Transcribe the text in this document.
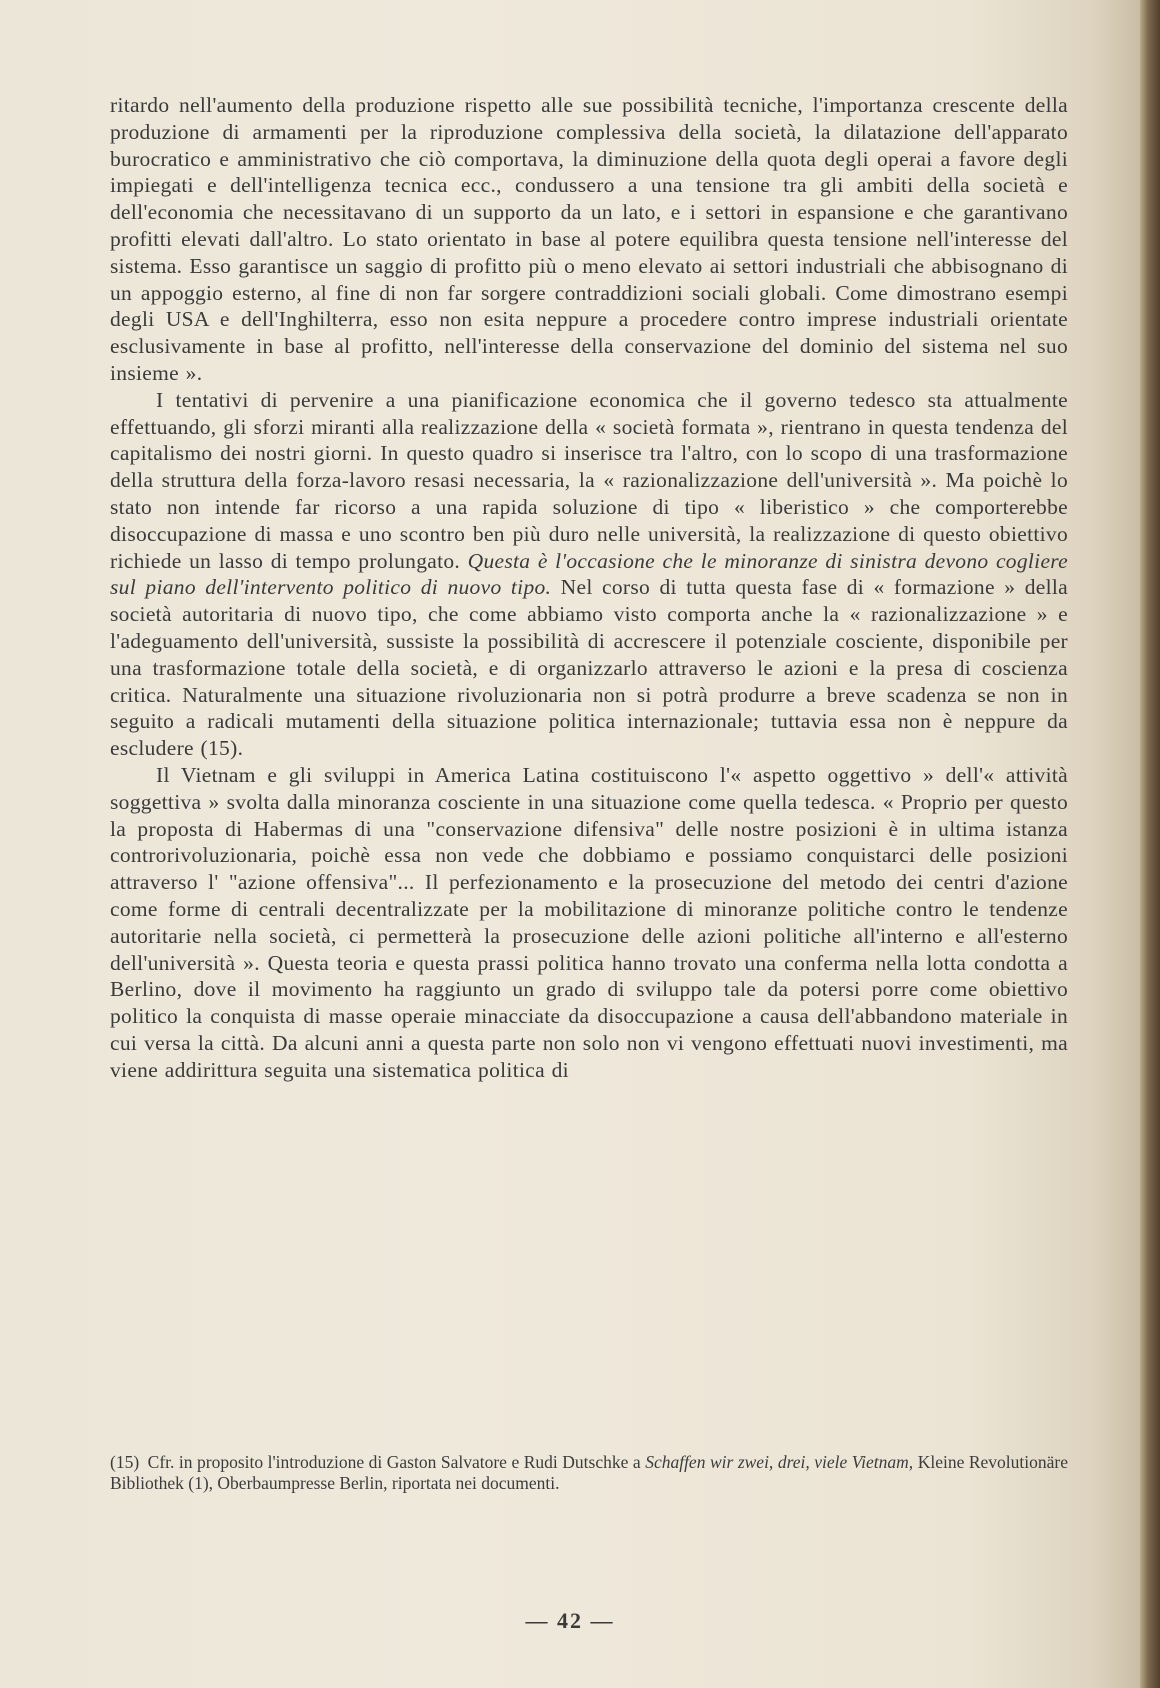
ritardo nell'aumento della produzione rispetto alle sue possibilità tecniche, l'importanza crescente della produzione di armamenti per la riproduzione complessiva della società, la dilatazione dell'apparato burocratico e amministrativo che ciò comportava, la diminuzione della quota degli operai a favore degli impiegati e dell'intelligenza tecnica ecc., condussero a una tensione tra gli ambiti della società e dell'economia che necessitavano di un supporto da un lato, e i settori in espansione e che garantivano profitti elevati dall'altro. Lo stato orientato in base al potere equilibra questa tensione nell'interesse del sistema. Esso garantisce un saggio di profitto più o meno elevato ai settori industriali che abbisognano di un appoggio esterno, al fine di non far sorgere contraddizioni sociali globali. Come dimostrano esempi degli USA e dell'Inghilterra, esso non esita neppure a procedere contro imprese industriali orientate esclusivamente in base al profitto, nell'interesse della conservazione del dominio del sistema nel suo insieme ».

I tentativi di pervenire a una pianificazione economica che il governo tedesco sta attualmente effettuando, gli sforzi miranti alla realizzazione della « società formata », rientrano in questa tendenza del capitalismo dei nostri giorni. In questo quadro si inserisce tra l'altro, con lo scopo di una trasformazione della struttura della forza-lavoro resasi necessaria, la « razionalizzazione dell'università ». Ma poichè lo stato non intende far ricorso a una rapida soluzione di tipo « liberistico » che comporterebbe disoccupazione di massa e uno scontro ben più duro nelle università, la realizzazione di questo obiettivo richiede un lasso di tempo prolungato. Questa è l'occasione che le minoranze di sinistra devono cogliere sul piano dell'intervento politico di nuovo tipo. Nel corso di tutta questa fase di « formazione » della società autoritaria di nuovo tipo, che come abbiamo visto comporta anche la « razionalizzazione » e l'adeguamento dell'università, sussiste la possibilità di accrescere il potenziale cosciente, disponibile per una trasformazione totale della società, e di organizzarlo attraverso le azioni e la presa di coscienza critica. Naturalmente una situazione rivoluzionaria non si potrà produrre a breve scadenza se non in seguito a radicali mutamenti della situazione politica internazionale; tuttavia essa non è neppure da escludere (15).

Il Vietnam e gli sviluppi in America Latina costituiscono l'« aspetto oggettivo » dell'« attività soggettiva » svolta dalla minoranza cosciente in una situazione come quella tedesca. « Proprio per questo la proposta di Habermas di una "conservazione difensiva" delle nostre posizioni è in ultima istanza controrivoluzionaria, poichè essa non vede che dobbiamo e possiamo conquistarci delle posizioni attraverso l' "azione offensiva"... Il perfezionamento e la prosecuzione del metodo dei centri d'azione come forme di centrali decentralizzate per la mobilitazione di minoranze politiche contro le tendenze autoritarie nella società, ci permetterà la prosecuzione delle azioni politiche all'interno e all'esterno dell'università ». Questa teoria e questa prassi politica hanno trovato una conferma nella lotta condotta a Berlino, dove il movimento ha raggiunto un grado di sviluppo tale da potersi porre come obiettivo politico la conquista di masse operaie minacciate da disoccupazione a causa dell'abbandono materiale in cui versa la città. Da alcuni anni a questa parte non solo non vi vengono effettuati nuovi investimenti, ma viene addirittura seguita una sistematica politica di

(15) Cfr. in proposito l'introduzione di Gaston Salvatore e Rudi Dutschke a Schaffen wir zwei, drei, viele Vietnam, Kleine Revolutionäre Bibliothek (1), Oberbaumpresse Berlin, riportata nei documenti.
— 42 —
